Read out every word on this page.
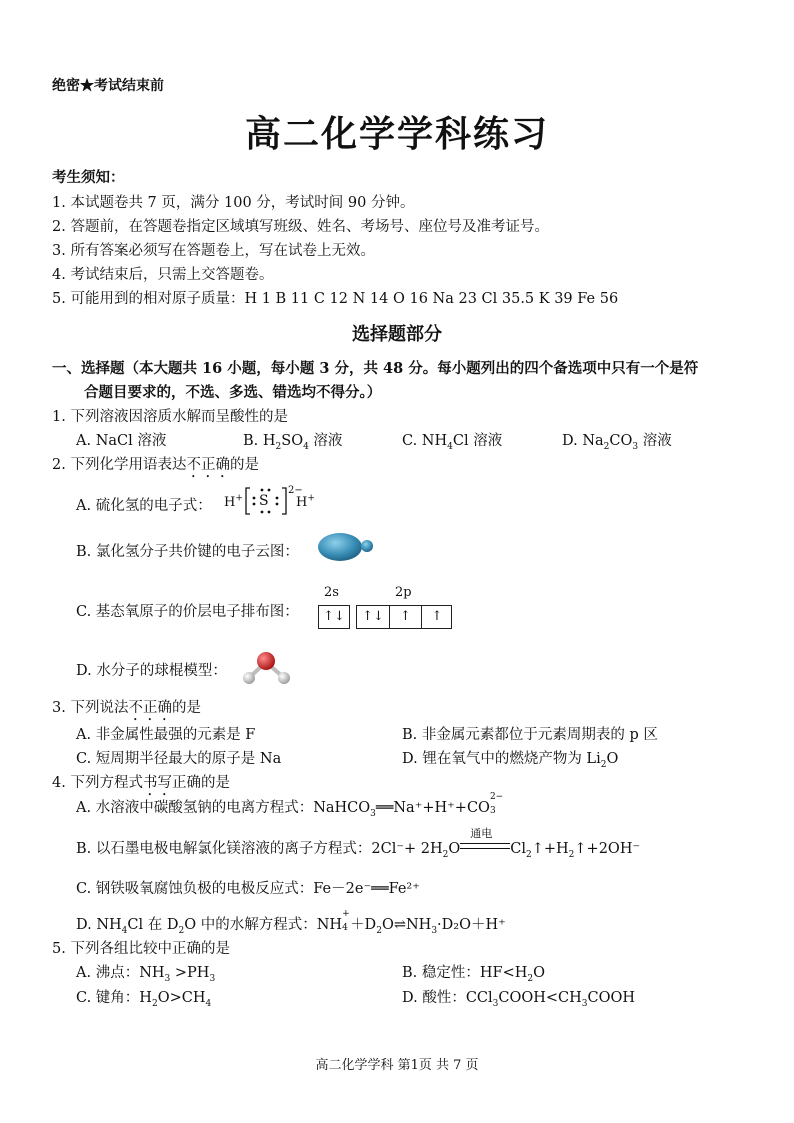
绝密★考试结束前
高二化学学科练习
考生须知：
1. 本试题卷共 7 页，满分 100 分，考试时间 90 分钟。
2. 答题前，在答题卷指定区域填写班级、姓名、考场号、座位号及准考证号。
3. 所有答案必须写在答题卷上，写在试卷上无效。
4. 考试结束后，只需上交答题卷。
5. 可能用到的相对原子质量：H 1 B 11 C 12 N 14 O 16 Na 23 Cl 35.5 K 39 Fe 56
选择题部分
一、选择题（本大题共 16 小题，每小题 3 分，共 48 分。每小题列出的四个备选项中只有一个是符
合题目要求的，不选、多选、错选均不得分。）
1. 下列溶液因溶质水解而呈酸性的是
A. NaCl 溶液	B. $H_2SO_4$ 溶液	C. $NH_4Cl$ 溶液	D. $Na_2CO_3$ 溶液
2. 下列化学用语表达不正确的是
A. 硫化氢的电子式： H+ S
2−
H+
B. 氯化氢分子共价键的电子云图：
C. 基态氧原子的价层电子排布图：
2s	2p
↑↓	↑↓	↑	↑
D. 水分子的球棍模型：
3. 下列说法不正确的是
A. 非金属性最强的元素是 F	B. 非金属元素都位于元素周期表的 p 区
C. 短周期半径最大的原子是 Na	D. 锂在氧气中的燃烧产物为 $Li_2O$
4. 下列方程式书写正确的是
A. 水溶液中碳酸氢钠的电离方程式：NaHCO$_3$══Na⁺+H⁺+CO
2−
3

B. 以石墨电极电解氯化镁溶液的离子方程式：$2Cl^-+ 2H_2O$
通电
$Cl_2↑+H_2↑+2OH^-$
C. 钢铁吸氧腐蚀负极的电极反应式：Fe－2e⁻══Fe²⁺
D. $NH_4Cl$ 在 $D_2O$ 中的水解方程式：NH
+
$4 +D_2O\rightleftharpoons NH_3\cdot D_2O+H^+$
5. 下列各组比较中正确的是
A. 沸点：$NH_3 >PH_3$	B. 稳定性：$HF<H_2O$
C. 键角：$H_2O>CH_4$	D. 酸性：$CCl_3COOH<CH_3COOH$
高二化学学科 第1页 共 7 页
